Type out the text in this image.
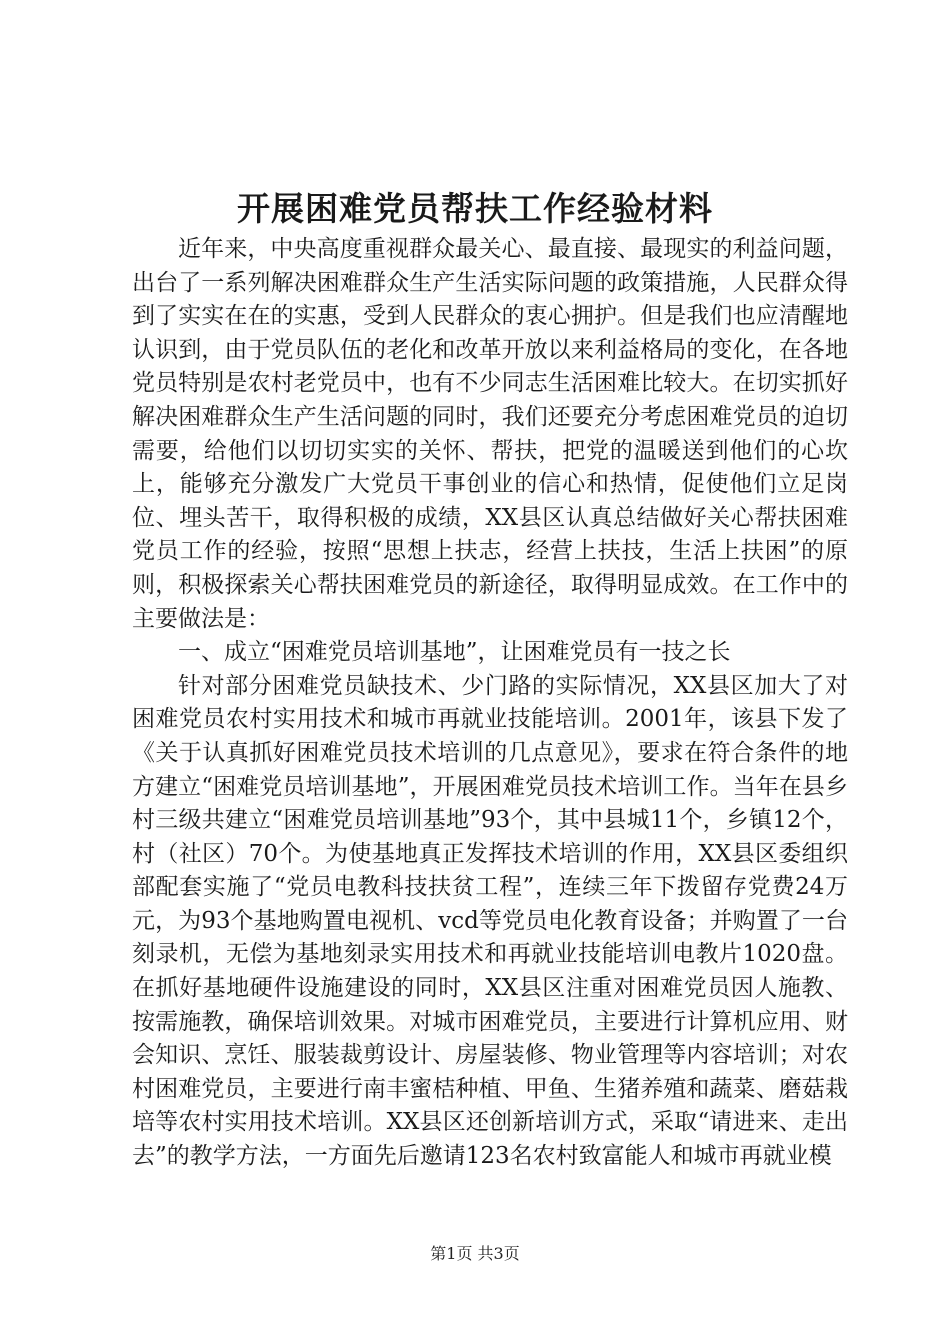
开展困难党员帮扶工作经验材料

近年来，中央高度重视群众最关心、最直接、最现实的利益问题，出台了一系列解决困难群众生产生活实际问题的政策措施，人民群众得到了实实在在的实惠，受到人民群众的衷心拥护。但是我们也应清醒地认识到，由于党员队伍的老化和改革开放以来利益格局的变化，在各地党员特别是农村老党员中，也有不少同志生活困难比较大。在切实抓好解决困难群众生产生活问题的同时，我们还要充分考虑困难党员的迫切需要，给他们以切切实实的关怀、帮扶，把党的温暖送到他们的心坎上，能够充分激发广大党员干事创业的信心和热情，促使他们立足岗位、埋头苦干，取得积极的成绩，XX县区认真总结做好关心帮扶困难党员工作的经验，按照“思想上扶志，经营上扶技，生活上扶困”的原则，积极探索关心帮扶困难党员的新途径，取得明显成效。在工作中的主要做法是：

一、成立“困难党员培训基地”，让困难党员有一技之长

针对部分困难党员缺技术、少门路的实际情况，XX县区加大了对困难党员农村实用技术和城市再就业技能培训。2001年，该县下发了《关于认真抓好困难党员技术培训的几点意见》，要求在符合条件的地方建立“困难党员培训基地”，开展困难党员技术培训工作。当年在县乡村三级共建立“困难党员培训基地”93个，其中县城11个，乡镇12个，村（社区）70个。为使基地真正发挥技术培训的作用，XX县区委组织部配套实施了“党员电教科技扶贫工程”，连续三年下拨留存党费24万元，为93个基地购置电视机、vcd等党员电化教育设备；并购置了一台刻录机，无偿为基地刻录实用技术和再就业技能培训电教片1020盘。在抓好基地硬件设施建设的同时，XX县区注重对困难党员因人施教、按需施教，确保培训效果。对城市困难党员，主要进行计算机应用、财会知识、烹饪、服装裁剪设计、房屋装修、物业管理等内容培训；对农村困难党员，主要进行南丰蜜桔种植、甲鱼、生猪养殖和蔬菜、磨菇栽培等农村实用技术培训。XX县区还创新培训方式，采取“请进来、走出去”的教学方法，一方面先后邀请123名农村致富能人和城市再就业模

第1页 共3页
